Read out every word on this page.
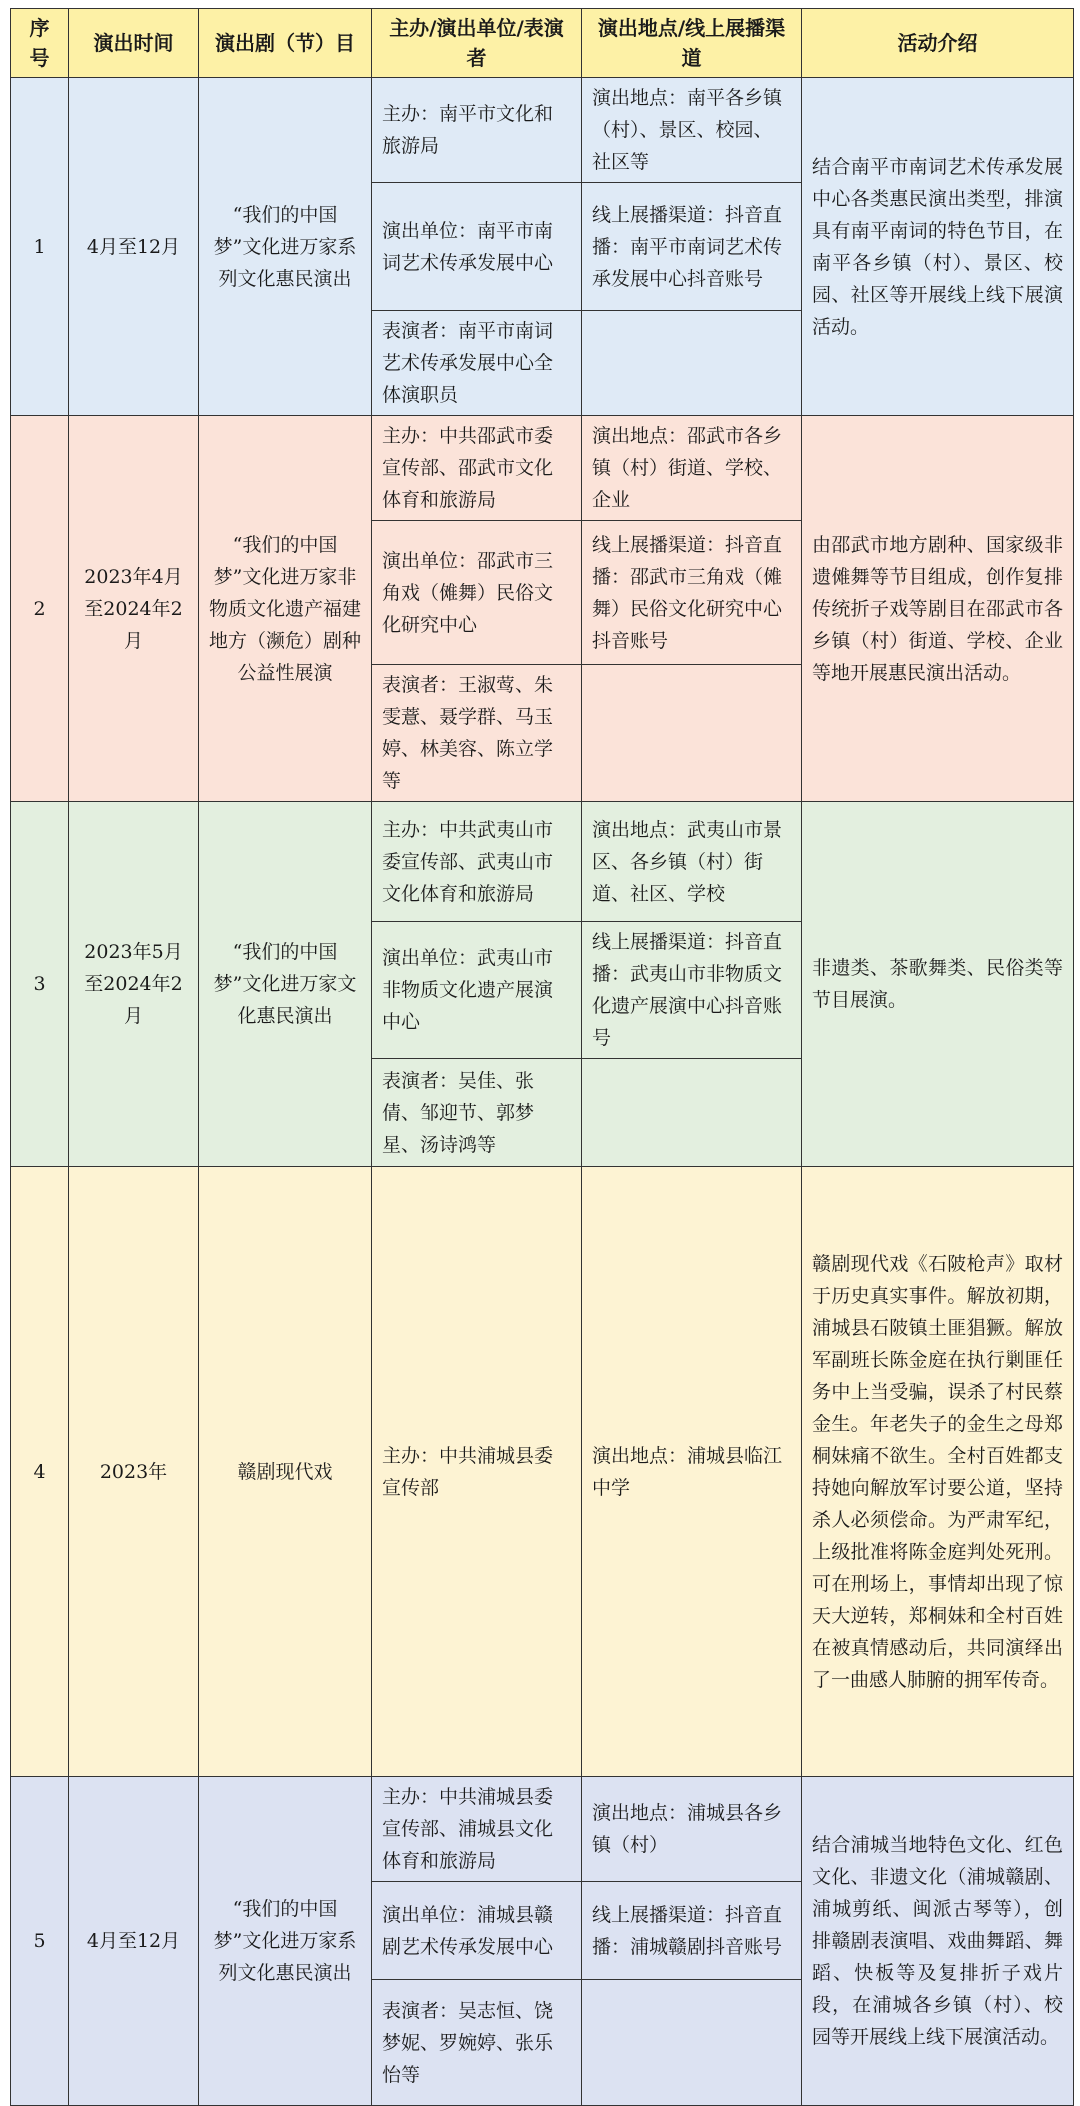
序号	演出时间	演出剧（节）目	主办/演出单位/表演者	演出地点/线上展播渠道	活动介绍
1	4月至12月	“我们的中国梦”文化进万家系列文化惠民演出	主办：南平市文化和旅游局	演出地点：南平各乡镇（村）、景区、校园、社区等	结合南平市南词艺术传承发展中心各类惠民演出类型，排演具有南平南词的特色节目，在南平各乡镇（村）、景区、校园、社区等开展线上线下展演活动。
			演出单位：南平市南词艺术传承发展中心	线上展播渠道：抖音直播：南平市南词艺术传承发展中心抖音账号	
			表演者：南平市南词艺术传承发展中心全体演职员		
2	2023年4月至2024年2月	“我们的中国梦”文化进万家非物质文化遗产福建地方（濒危）剧种公益性展演	主办：中共邵武市委宣传部、邵武市文化体育和旅游局	演出地点：邵武市各乡镇（村）街道、学校、企业	由邵武市地方剧种、国家级非遗傩舞等节目组成，创作复排传统折子戏等剧目在邵武市各乡镇（村）街道、学校、企业等地开展惠民演出活动。
			演出单位：邵武市三角戏（傩舞）民俗文化研究中心	线上展播渠道：抖音直播：邵武市三角戏（傩舞）民俗文化研究中心抖音账号	
			表演者：王淑莺、朱雯薏、聂学群、马玉婷、林美容、陈立学等		
3	2023年5月至2024年2月	“我们的中国梦”文化进万家文化惠民演出	主办：中共武夷山市委宣传部、武夷山市文化体育和旅游局	演出地点：武夷山市景区、各乡镇（村）街道、社区、学校	非遗类、茶歌舞类、民俗类等节目展演。
			演出单位：武夷山市非物质文化遗产展演中心	线上展播渠道：抖音直播：武夷山市非物质文化遗产展演中心抖音账号	
			表演者：吴佳、张倩、邹迎节、郭梦星、汤诗鸿等		
4	2023年	赣剧现代戏	主办：中共浦城县委宣传部	演出地点：浦城县临江中学	赣剧现代戏《石陂枪声》取材于历史真实事件。解放初期，浦城县石陂镇土匪猖獗。解放军副班长陈金庭在执行剿匪任务中上当受骗，误杀了村民蔡金生。年老失子的金生之母郑桐妹痛不欲生。全村百姓都支持她向解放军讨要公道，坚持杀人必须偿命。为严肃军纪，上级批准将陈金庭判处死刑。可在刑场上，事情却出现了惊天大逆转，郑桐妹和全村百姓在被真情感动后，共同演绎出了一曲感人肺腑的拥军传奇。
5	4月至12月	“我们的中国梦”文化进万家系列文化惠民演出	主办：中共浦城县委宣传部、浦城县文化体育和旅游局	演出地点：浦城县各乡镇（村）	结合浦城当地特色文化、红色文化、非遗文化（浦城赣剧、浦城剪纸、闽派古琴等），创排赣剧表演唱、戏曲舞蹈、舞蹈、快板等及复排折子戏片段，在浦城各乡镇（村）、校园等开展线上线下展演活动。
			演出单位：浦城县赣剧艺术传承发展中心	线上展播渠道：抖音直播：浦城赣剧抖音账号	
			表演者：吴志恒、饶梦妮、罗婉婷、张乐怡等		
